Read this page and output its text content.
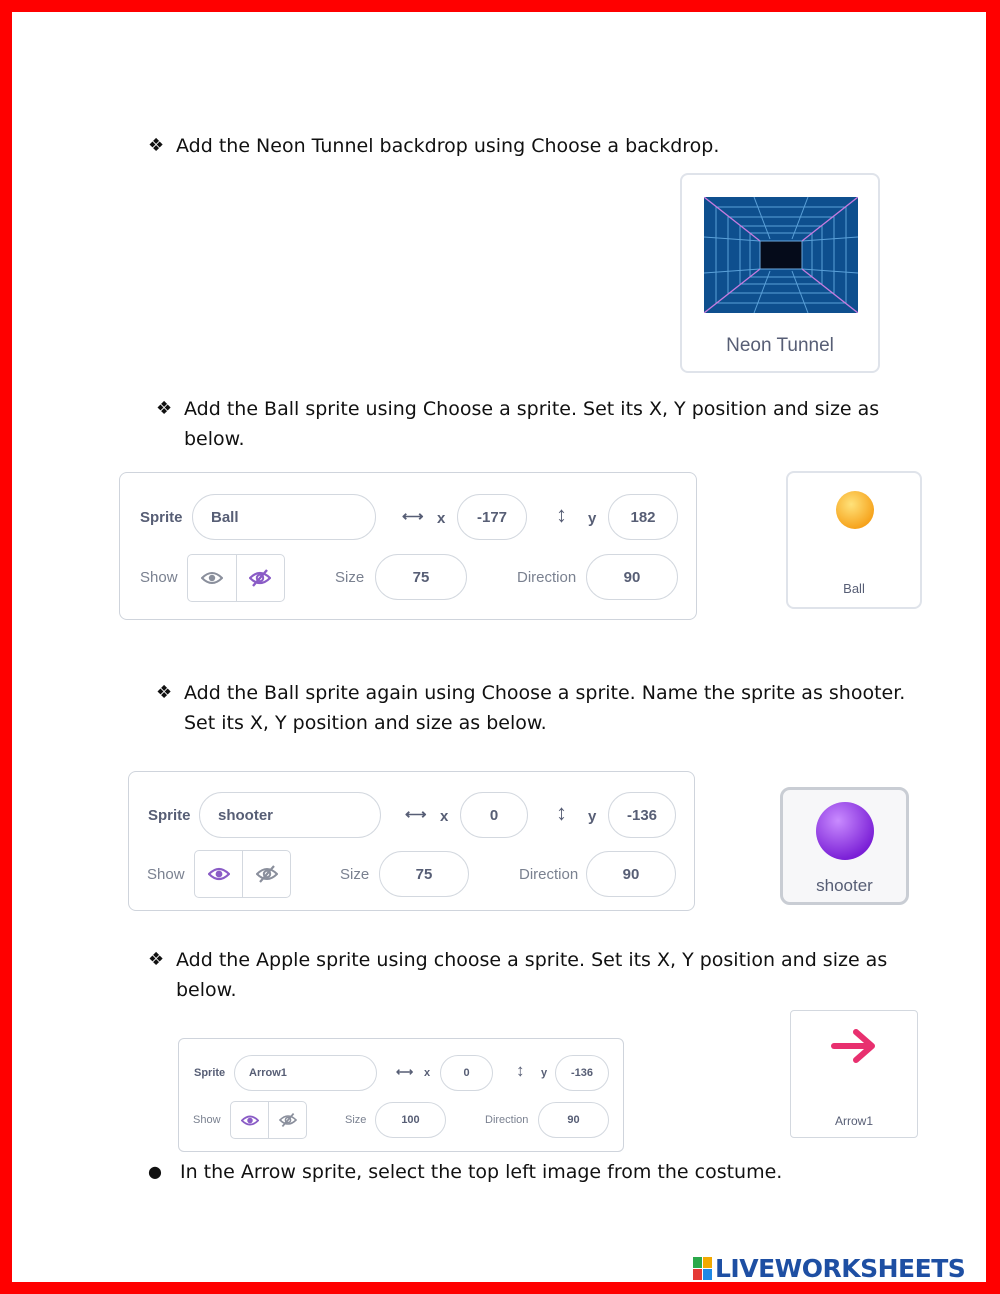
❖ Add the Neon Tunnel backdrop using Choose a backdrop.
Neon Tunnel
❖ Add the Ball sprite using Choose a sprite. Set its X, Y position and size as below.
Sprite	Ball	⟷ x	-177	↕ y	182
Show	Size	75	Direction	90
Ball
❖ Add the Ball sprite again using Choose a sprite. Name the sprite as shooter. Set its X, Y position and size as below.
Sprite	shooter	⟷ x	0	↕ y	-136
Show	Size	75	Direction	90
shooter
❖ Add the Apple sprite using choose a sprite. Set its X, Y position and size as below.
Sprite	Arrow1	⟷ x	0	↕ y	-136
Show	Size	100	Direction	90	Arrow1
● In the Arrow sprite, select the top left image from the costume.
LIVEWORKSHEETS
